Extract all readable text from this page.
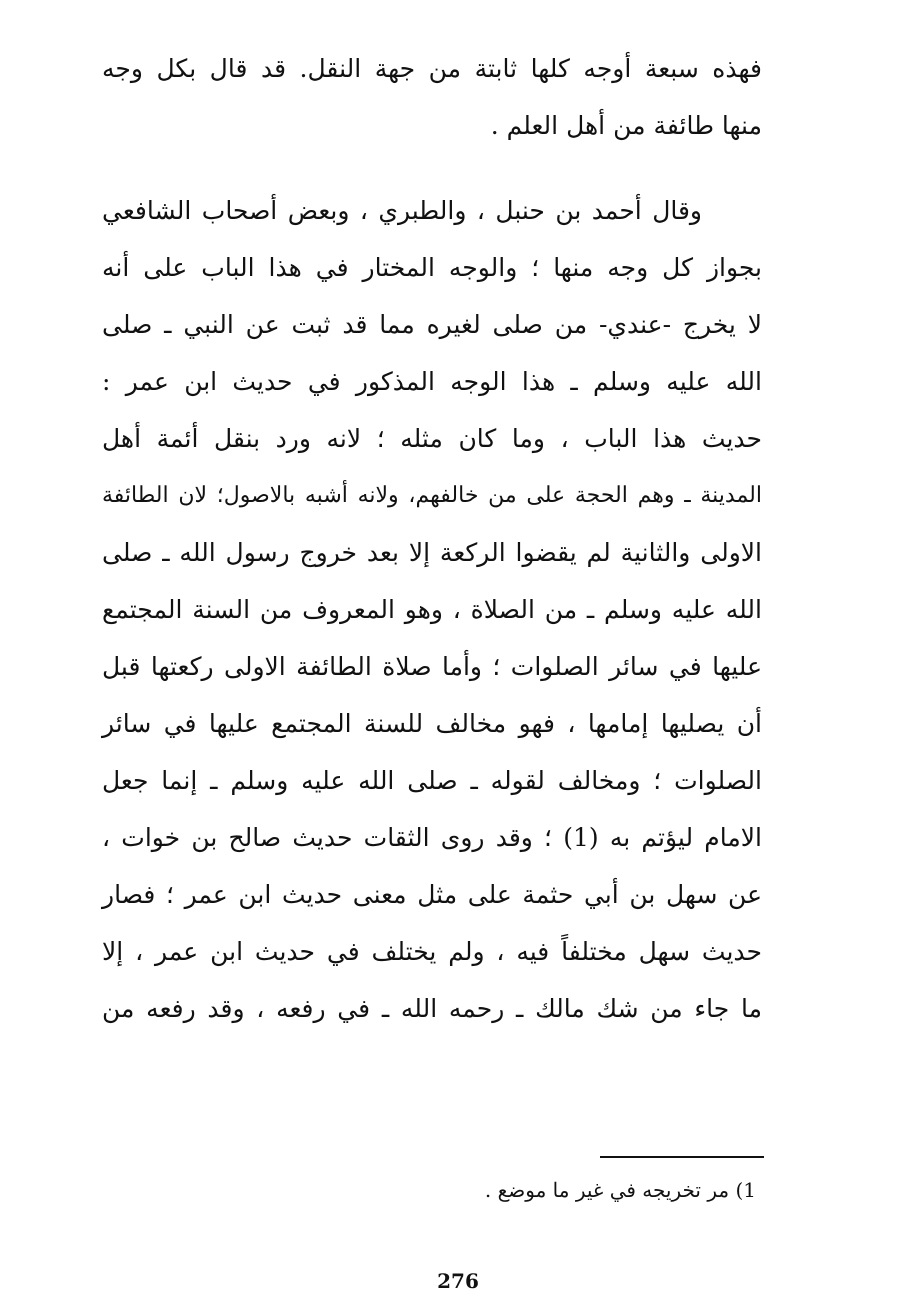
فهذه سبعة أوجه كلها ثابتة من جهة النقل. قد قال بكل وجه
منها طائفة من أهل العلم .
وقال أحمد بن حنبل ، والطبري ، وبعض أصحاب الشافعي
بجواز كل وجه منها ؛ والوجه المختار في هذا الباب على أنه
لا يخرج -عندي- من صلى لغيره مما قد ثبت عن النبي ـ صلى
الله عليه وسلم ـ هذا الوجه المذكور في حديث ابن عمر :
حديث هذا الباب ، وما كان مثله ؛ لانه ورد بنقل أئمة أهل
المدينة ـ وهم الحجة على من خالفهم، ولانه أشبه بالاصول؛ لان الطائفة
الاولى والثانية لم يقضوا الركعة إلا بعد خروج رسول الله ـ صلى
الله عليه وسلم ـ من الصلاة ، وهو المعروف من السنة المجتمع
عليها في سائر الصلوات ؛ وأما صلاة الطائفة الاولى ركعتها قبل
أن يصليها إمامها ، فهو مخالف للسنة المجتمع عليها في سائر
الصلوات ؛ ومخالف لقوله ـ صلى الله عليه وسلم ـ إنما جعل
الامام ليؤتم به (1) ؛ وقد روى الثقات حديث صالح بن خوات ،
عن سهل بن أبي حثمة على مثل معنى حديث ابن عمر ؛ فصار
حديث سهل مختلفاً فيه ، ولم يختلف في حديث ابن عمر ، إلا
ما جاء من شك مالك ـ رحمه الله ـ في رفعه ، وقد رفعه من
1) مر تخريجه في غير ما موضع .
276
